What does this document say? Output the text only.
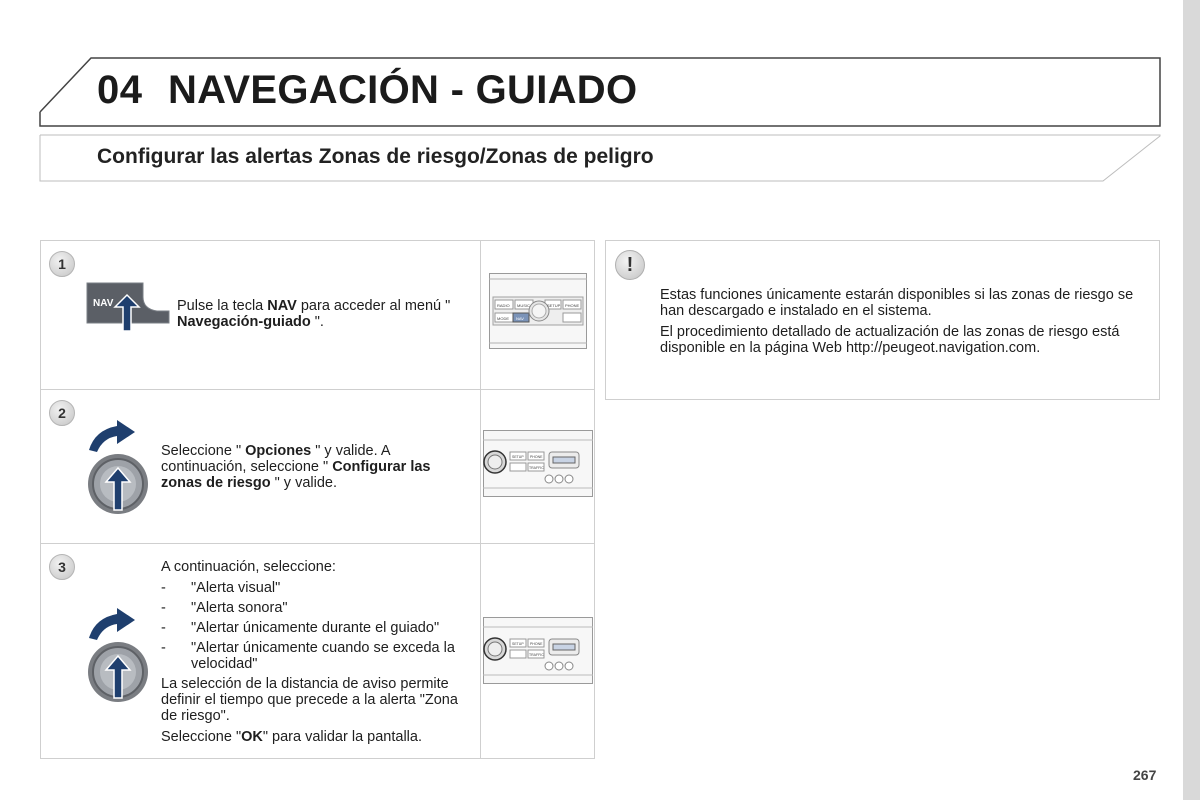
04 NAVEGACIÓN - GUIADO
Configurar las alertas Zonas de riesgo/Zonas de peligro
1
NAV	Pulse la tecla NAV para acceder al menú " Navegación-guiado ".

RADIO MUSIC	SETUP PHONE
MODE NAV
2

Seleccione " Opciones " y valide. A continuación, seleccione " Configurar las zonas de riesgo " y valide.

SETUP PHONE
TRAFFIC
3	A continuación, seleccione:

- "Alerta visual"

- "Alerta sonora"

- "Alertar únicamente durante el guiado"

- "Alertar únicamente cuando se exceda la velocidad"

La selección de la distancia de aviso permite definir el tiempo que precede a la alerta "Zona de riesgo".

Seleccione "OK" para validar la pantalla.

SETUP PHONE
TRAFFIC
!

Estas funciones únicamente estarán disponibles si las zonas de riesgo se han descargado e instalado en el sistema.

El procedimiento detallado de actualización de las zonas de riesgo está disponible en la página Web http://peugeot.navigation.com.

267
